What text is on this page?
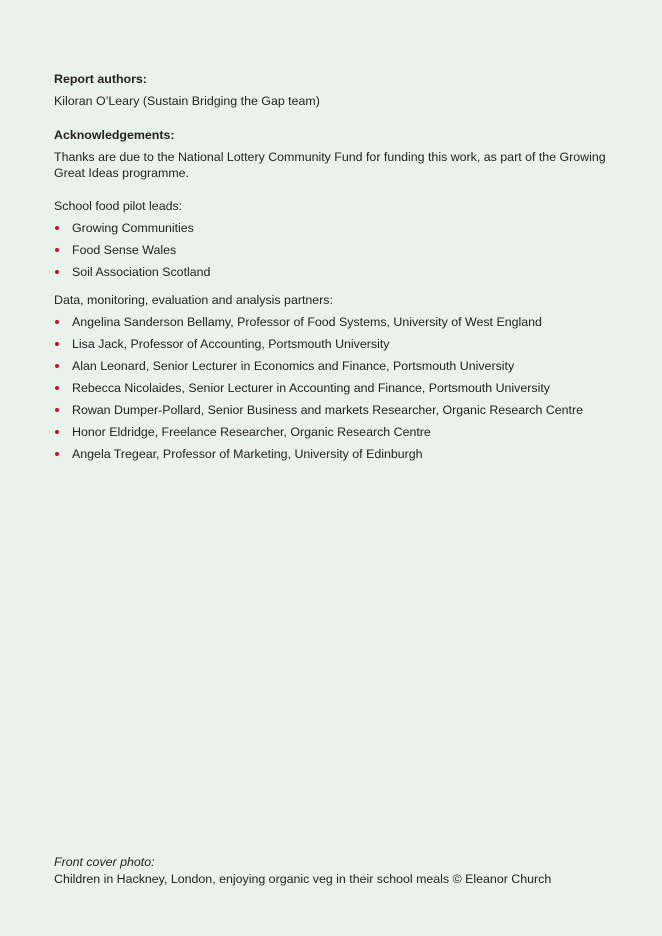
Report authors:

Kiloran O’Leary (Sustain Bridging the Gap team)

Acknowledgements:

Thanks are due to the National Lottery Community Fund for funding this work, as part of the Growing Great Ideas programme.

School food pilot leads:

Growing Communities
Food Sense Wales
Soil Association Scotland

Data, monitoring, evaluation and analysis partners:

Angelina Sanderson Bellamy, Professor of Food Systems, University of West England
Lisa Jack, Professor of Accounting, Portsmouth University
Alan Leonard, Senior Lecturer in Economics and Finance, Portsmouth University
Rebecca Nicolaides, Senior Lecturer in Accounting and Finance, Portsmouth University
Rowan Dumper-Pollard, Senior Business and markets Researcher, Organic Research Centre
Honor Eldridge, Freelance Researcher, Organic Research Centre
Angela Tregear, Professor of Marketing, University of Edinburgh

Front cover photo:

Children in Hackney, London, enjoying organic veg in their school meals © Eleanor Church
